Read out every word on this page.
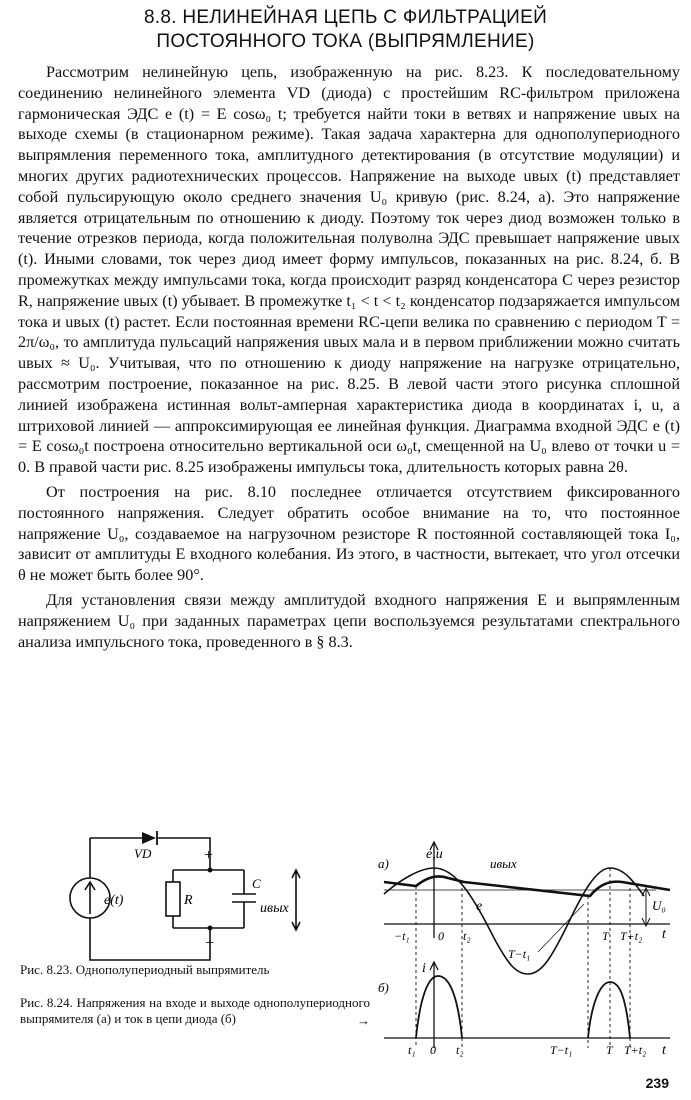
8.8. НЕЛИНЕЙНАЯ ЦЕПЬ С ФИЛЬТРАЦИЕЙ
ПОСТОЯННОГО ТОКА (ВЫПРЯМЛЕНИЕ)

Рассмотрим нелинейную цепь, изображенную на рис. 8.23. К последовательному соединению нелинейного элемента VD (диода) с простейшим RC-фильтром приложена гармоническая ЭДС e (t) = E cosω₀ t; требуется найти токи в ветвях и напряжение uвых на выходе схемы (в стационарном режиме). Такая задача характерна для однополупериодного выпрямления переменного тока, амплитудного детектирования (в отсутствие модуляции) и многих других радиотехнических процессов. Напряжение на выходе uвых (t) представляет собой пульсирующую около среднего значения U₀ кривую (рис. 8.24, а). Это напряжение является отрицательным по отношению к диоду. Поэтому ток через диод возможен только в течение отрезков периода, когда положительная полуволна ЭДС превышает напряжение uвых (t). Иными словами, ток через диод имеет форму импульсов, показанных на рис. 8.24, б. В промежутках между импульсами тока, когда происходит разряд конденсатора C через резистор R, напряжение uвых (t) убывает. В промежутке t₁ < t < t₂ конденсатор подзаряжается импульсом тока и uвых (t) растет. Если постоянная времени RC-цепи велика по сравнению с периодом T = 2π/ω₀, то амплитуда пульсаций напряжения uвых мала и в первом приближении можно считать uвых ≈ U₀. Учитывая, что по отношению к диоду напряжение на нагрузке отрицательно, рассмотрим построение, показанное на рис. 8.25. В левой части этого рисунка сплошной линией изображена истинная вольт-амперная характеристика диода в координатах i, u, а штриховой линией — аппроксимирующая ее линейная функция. Диаграмма входной ЭДС e (t) = E cosω₀t построена относительно вертикальной оси ω₀t, смещенной на U₀ влево от точки u = 0. В правой части рис. 8.25 изображены импульсы тока, длительность которых равна 2θ.

От построения на рис. 8.10 последнее отличается отсутствием фиксированного постоянного напряжения. Следует обратить особое внимание на то, что постоянное напряжение U₀, создаваемое на нагрузочном резисторе R постоянной составляющей тока I₀, зависит от амплитуды E входного колебания. Из этого, в частности, вытекает, что угол отсечки θ не может быть более 90°.

Для установления связи между амплитудой входного напряжения E и выпрямленным напряжением U₀ при заданных параметрах цепи воспользуемся результатами спектрального анализа импульсного тока, проведенного в § 8.3.

e(t)
VD
R
C
+
−
uвых
Рис. 8.23. Однополупериодный выпрямитель
Рис. 8.24. Напряжения на входе и выходе однополупериодного выпрямителя (а) и ток в цепи диода (б)	→
а)
e,u
uвых
e	U₀
t
−t₁ 0 t₂	T T+t₂
T−t₁
б)
i
t
t₁ 0 t₂	T−t₁	T T+t₂
239
